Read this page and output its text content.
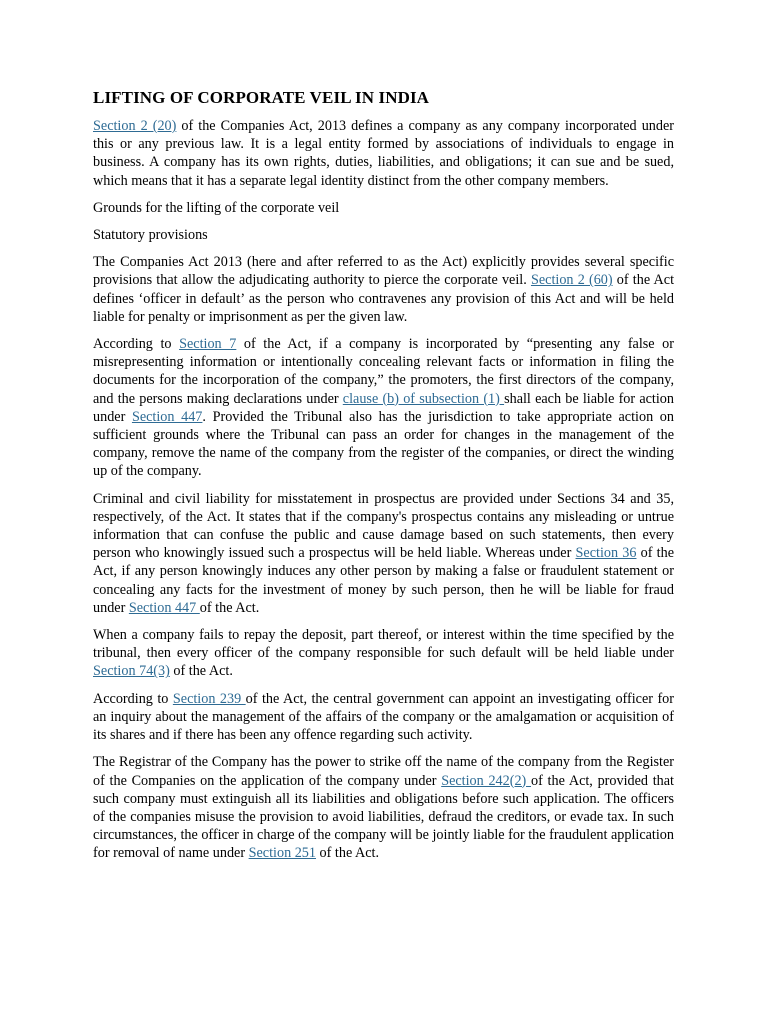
LIFTING OF CORPORATE VEIL IN INDIA

Section 2 (20) of the Companies Act, 2013 defines a company as any company incorporated under this or any previous law. It is a legal entity formed by associations of individuals to engage in business. A company has its own rights, duties, liabilities, and obligations; it can sue and be sued, which means that it has a separate legal identity distinct from the other company members.

Grounds for the lifting of the corporate veil

Statutory provisions

The Companies Act 2013 (here and after referred to as the Act) explicitly provides several specific provisions that allow the adjudicating authority to pierce the corporate veil. Section 2 (60) of the Act defines ‘officer in default’ as the person who contravenes any provision of this Act and will be held liable for penalty or imprisonment as per the given law.

According to Section 7 of the Act, if a company is incorporated by “presenting any false or misrepresenting information or intentionally concealing relevant facts or information in filing the documents for the incorporation of the company,” the promoters, the first directors of the company, and the persons making declarations under clause (b) of subsection (1) shall each be liable for action under Section 447. Provided the Tribunal also has the jurisdiction to take appropriate action on sufficient grounds where the Tribunal can pass an order for changes in the management of the company, remove the name of the company from the register of the companies, or direct the winding up of the company.

Criminal and civil liability for misstatement in prospectus are provided under Sections 34 and 35, respectively, of the Act. It states that if the company's prospectus contains any misleading or untrue information that can confuse the public and cause damage based on such statements, then every person who knowingly issued such a prospectus will be held liable. Whereas under Section 36 of the Act, if any person knowingly induces any other person by making a false or fraudulent statement or concealing any facts for the investment of money by such person, then he will be liable for fraud under Section 447 of the Act.

When a company fails to repay the deposit, part thereof, or interest within the time specified by the tribunal, then every officer of the company responsible for such default will be held liable under Section 74(3) of the Act.

According to Section 239 of the Act, the central government can appoint an investigating officer for an inquiry about the management of the affairs of the company or the amalgamation or acquisition of its shares and if there has been any offence regarding such activity.

The Registrar of the Company has the power to strike off the name of the company from the Register of the Companies on the application of the company under Section 242(2) of the Act, provided that such company must extinguish all its liabilities and obligations before such application. The officers of the companies misuse the provision to avoid liabilities, defraud the creditors, or evade tax. In such circumstances, the officer in charge of the company will be jointly liable for the fraudulent application for removal of name under Section 251 of the Act.
